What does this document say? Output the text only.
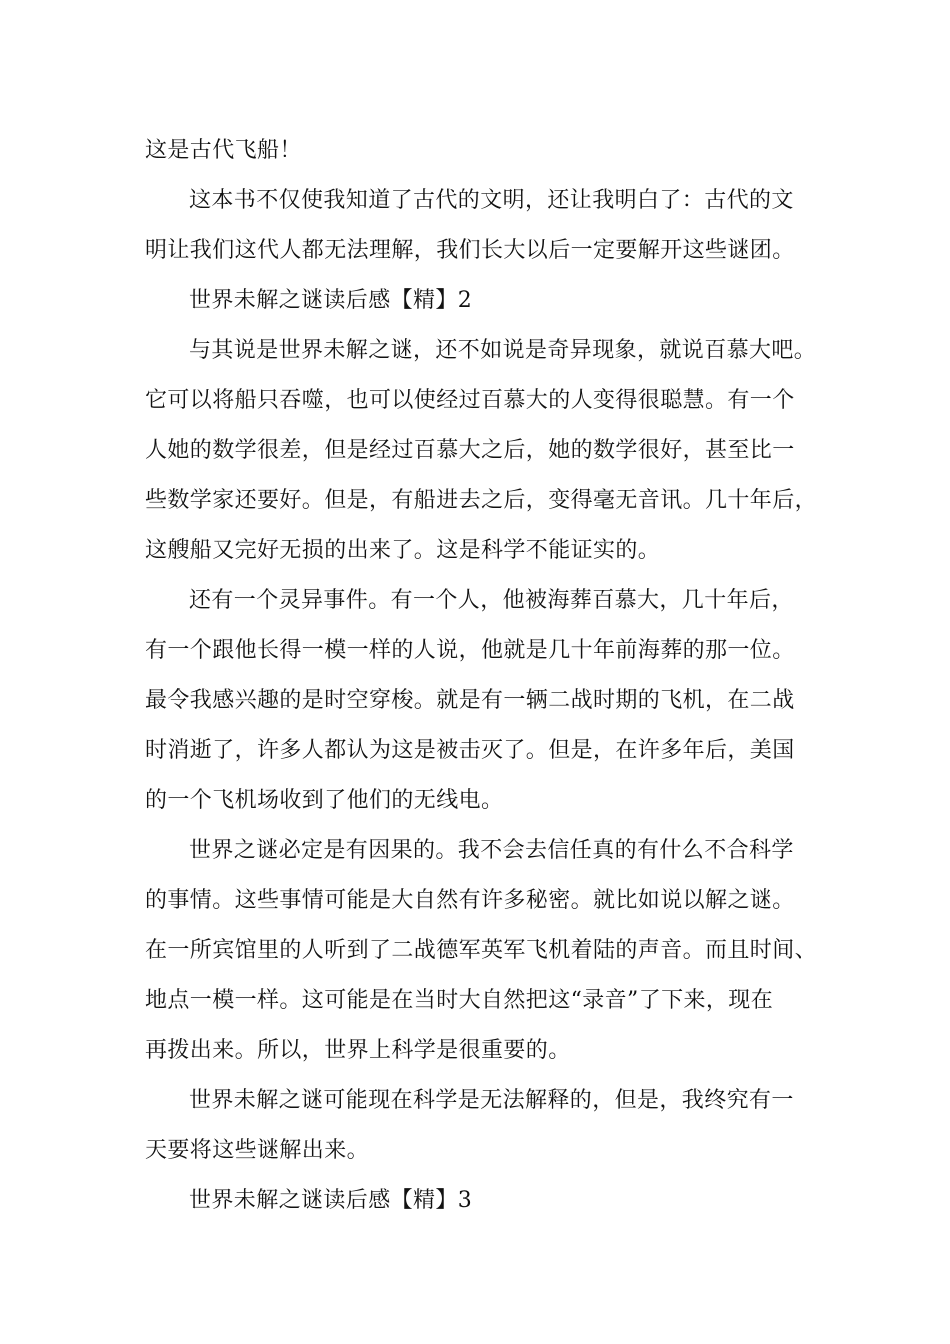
这是古代飞船！
这本书不仅使我知道了古代的文明，还让我明白了：古代的文
明让我们这代人都无法理解，我们长大以后一定要解开这些谜团。
世界未解之谜读后感【精】2
与其说是世界未解之谜，还不如说是奇异现象，就说百慕大吧。
它可以将船只吞噬，也可以使经过百慕大的人变得很聪慧。有一个
人她的数学很差，但是经过百慕大之后，她的数学很好，甚至比一
些数学家还要好。但是，有船进去之后，变得毫无音讯。几十年后，
这艘船又完好无损的出来了。这是科学不能证实的。
还有一个灵异事件。有一个人，他被海葬百慕大，几十年后，
有一个跟他长得一模一样的人说，他就是几十年前海葬的那一位。
最令我感兴趣的是时空穿梭。就是有一辆二战时期的飞机，在二战
时消逝了，许多人都认为这是被击灭了。但是，在许多年后，美国
的一个飞机场收到了他们的无线电。
世界之谜必定是有因果的。我不会去信任真的有什么不合科学
的事情。这些事情可能是大自然有许多秘密。就比如说以解之谜。
在一所宾馆里的人听到了二战德军英军飞机着陆的声音。而且时间、
地点一模一样。这可能是在当时大自然把这“录音”了下来，现在
再拨出来。所以，世界上科学是很重要的。
世界未解之谜可能现在科学是无法解释的，但是，我终究有一
天要将这些谜解出来。
世界未解之谜读后感【精】3
